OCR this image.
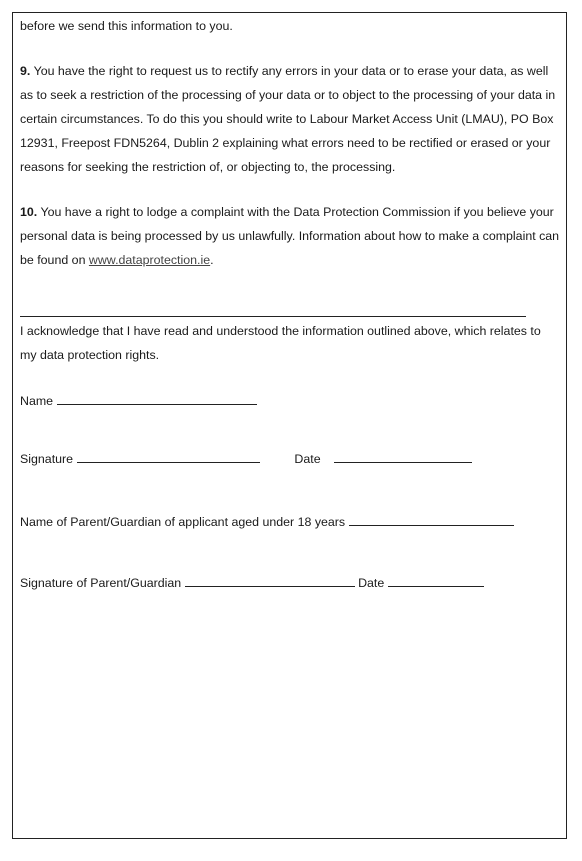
before we send this information to you.

9. You have the right to request us to rectify any errors in your data or to erase your data, as well as to seek a restriction of the processing of your data or to object to the processing of your data in certain circumstances. To do this you should write to Labour Market Access Unit (LMAU), PO Box 12931, Freepost FDN5264, Dublin 2 explaining what errors need to be rectified or erased or your reasons for seeking the restriction of, or objecting to, the processing.

10. You have a right to lodge a complaint with the Data Protection Commission if you believe your personal data is being processed by us unlawfully. Information about how to make a complaint can be found on www.dataprotection.ie.

I acknowledge that I have read and understood the information outlined above, which relates to my data protection rights.

Name
Signature	Date
Name of Parent/Guardian of applicant aged under 18 years
Signature of Parent/Guardian	Date
